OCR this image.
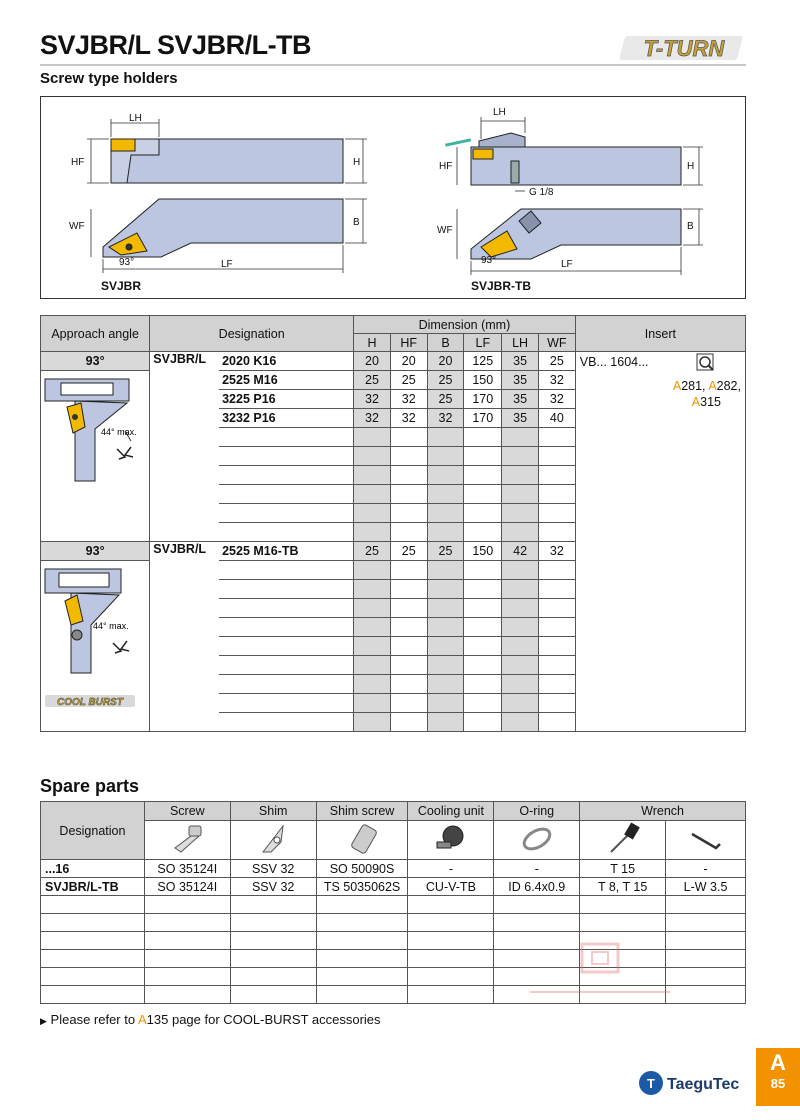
SVJBR/L SVJBR/L-TB
Screw type holders
T-TURN
LH
HF	H
B
WF
93°	LF
LH
HF	H
B
WF
93°	LF
G 1/8
SVJBR	SVJBR-TB
Approach angle	Designation		Dimension (mm)						Insert
			H	HF	B	LF	LH	WF	
93°	SVJBR/L	2020 K16	20	20	20	125	35	25	VB... 1604...
A281, A282,
A315

44° max.		2525 M16	25	25	25	150	35	32	
		3225 P16	32	32	25	170	35	32	
		3232 P16	32	32	32	170	35	40	

93°	SVJBR/L	2525 M16-TB	25	25	25	150	42	32	

44° max.
COOL BURST									

Spare parts
Designation	Screw	Shim	Shim screw	Cooling unit	O-ring	Wrench	

...16	SO 35124I	SSV 32	SO 50090S	-	-	T 15	-
SVJBR/L-TB	SO 35124I	SSV 32	TS 5035062S	CU-V-TB	ID 6.4x0.9	T 8, T 15	L-W 3.5

▶ Please refer to A135 page for COOL-BURST accessories
T TaeguTec
A
85
